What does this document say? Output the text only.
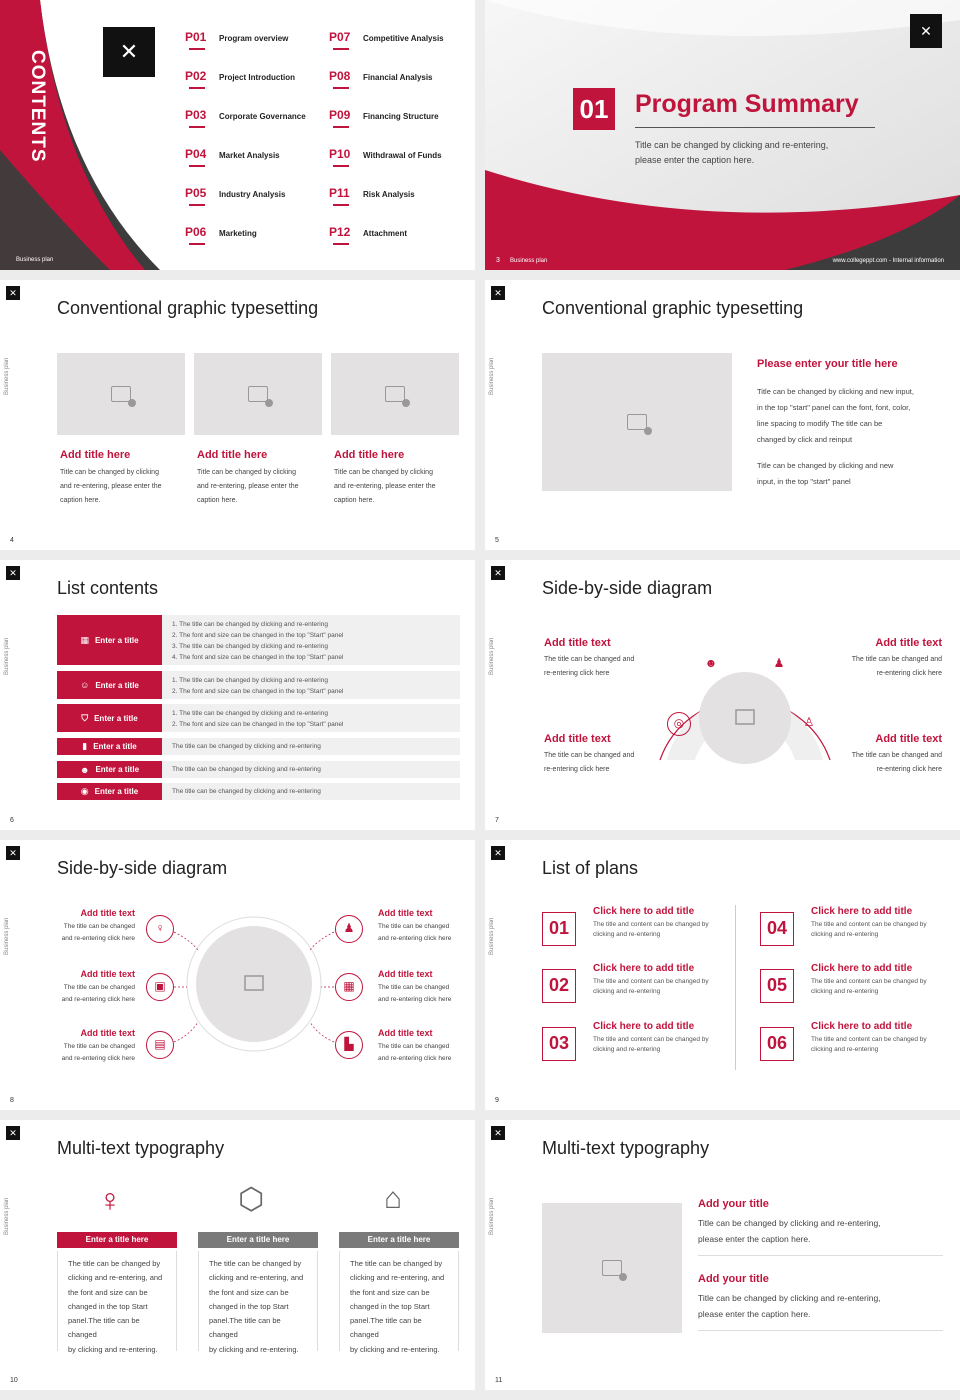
CONTENTS
Business plan
✕
P01 Program overview
P02 Project Introduction
P03 Corporate Governance
P04 Market Analysis
P05 Industry Analysis
P06 Marketing
P07 Competitive Analysis
P08 Financial Analysis
P09 Financing Structure
P10 Withdrawal of Funds
P11 Risk Analysis
P12 Attachment
✕
01 Program Summary
Title can be changed by clicking and re-entering,
please enter the caption here.
3 Business plan	www.collegeppt.com - Internal information
✕
Business plan
Conventional graphic typesetting
Add title here
Title can be changed by clicking
and re-entering, please enter the
caption here.
Add title here
Title can be changed by clicking
and re-entering, please enter the
caption here.
Add title here
Title can be changed by clicking
and re-entering, please enter the
caption here.
4
✕
Business plan
Conventional graphic typesetting
Please enter your title here
Title can be changed by clicking and new input,
in the top "start" panel can the font, font, color,
line spacing to modify The title can be
changed by click and reinput
Title can be changed by clicking and new
input, in the top "start" panel
5
✕
Business plan
List contents
▦ Enter a title
1. The title can be changed by clicking and re-entering
2. The font and size can be changed in the top "Start" panel
3. The title can be changed by clicking and re-entering
4. The font and size can be changed in the top "Start" panel
☺ Enter a title	1. The title can be changed by clicking and re-entering
2. The font and size can be changed in the top "Start" panel
⛉ Enter a title	1. The title can be changed by clicking and re-entering
2. The font and size can be changed in the top "Start" panel
▮ Enter a title	The title can be changed by clicking and re-entering
☻ Enter a title	The title can be changed by clicking and re-entering
◉ Enter a title	The title can be changed by clicking and re-entering
6
✕
Business plan
Side-by-side diagram
☻	♟
◎	♙
Add title text
The title can be changed and
re-entering click here
Add title text
The title can be changed and
re-entering click here
Add title text
The title can be changed and
re-entering click here
Add title text
The title can be changed and
re-entering click here
7
✕
Business plan
Side-by-side diagram
♀
▣
▤
♟
▦
▙
Add title text
The title can be changed
and re-entering click here
Add title text
The title can be changed
and re-entering click here
Add title text
The title can be changed
and re-entering click here
Add title text
The title can be changed
and re-entering click here
Add title text
The title can be changed
and re-entering click here
Add title text
The title can be changed
and re-entering click here
8
✕
Business plan
List of plans
01
Click here to add title
The title and content can be changed by
clicking and re-entering
02
Click here to add title
The title and content can be changed by
clicking and re-entering
03
Click here to add title
The title and content can be changed by
clicking and re-entering
04
Click here to add title
The title and content can be changed by
clicking and re-entering
05
Click here to add title
The title and content can be changed by
clicking and re-entering
06
Click here to add title
The title and content can be changed by
clicking and re-entering
9
✕
Business plan
Multi-text typography
♀	⬡	⌂
Enter a title here
The title can be changed by
clicking and re-entering, and
the font and size can be
changed in the top Start
panel.The title can be changed
by clicking and re-entering.
Enter a title here
The title can be changed by
clicking and re-entering, and
the font and size can be
changed in the top Start
panel.The title can be changed
by clicking and re-entering.
Enter a title here
The title can be changed by
clicking and re-entering, and
the font and size can be
changed in the top Start
panel.The title can be changed
by clicking and re-entering.
10
✕
Business plan
Multi-text typography
Add your title
Title can be changed by clicking and re-entering,
please enter the caption here.
Add your title
Title can be changed by clicking and re-entering,
please enter the caption here.
11
